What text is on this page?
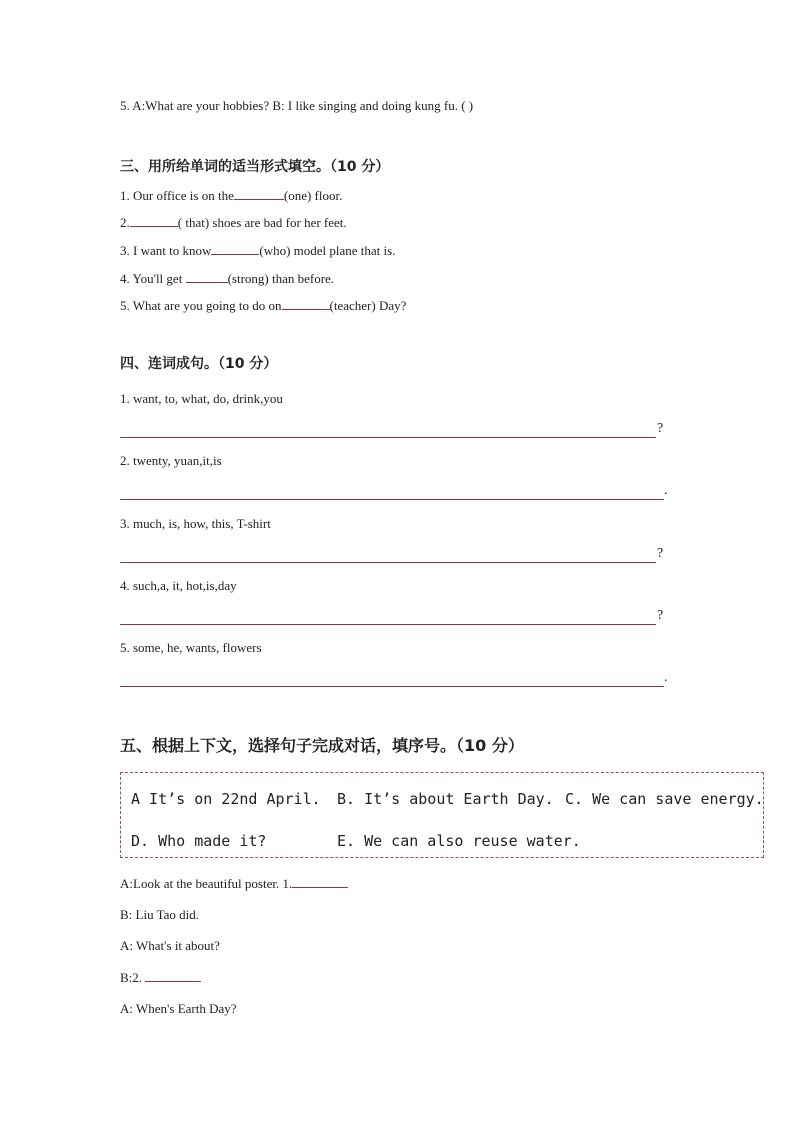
5. A:What are your hobbies? B: I like singing and doing kung fu. ( )
三、用所给单词的适当形式填空。（10 分）
1. Our office is on the	(one) floor.
2.	( that) shoes are bad for her feet.
3. I want to know	(who) model plane that is.
4. You'll get	(strong) than before.
5. What are you going to do on	(teacher) Day?
四、连词成句。（10 分）
1. want, to, what, do, drink,you
?
2. twenty, yuan,it,is
.
3. much, is, how, this, T-shirt
?
4. such,a, it, hot,is,day
?
5. some, he, wants, flowers
.
五、根据上下文，选择句子完成对话，填序号。（10 分）
A It’s on 22nd April. B. It’s about Earth Day. C. We can save energy.
D. Who made it?	E. We can also reuse water.
A:Look at the beautiful poster. 1.
B: Liu Tao did.
A: What's it about?
B:2.
A: When's Earth Day?
